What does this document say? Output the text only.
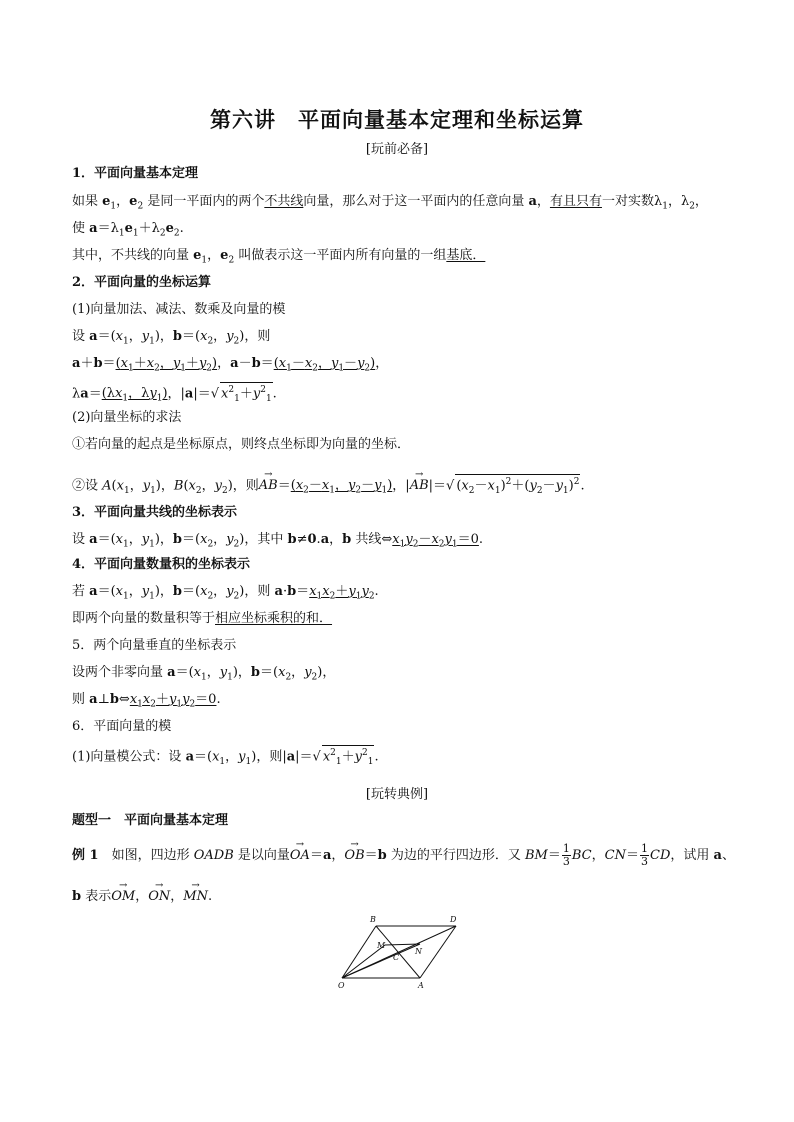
第六讲　平面向量基本定理和坐标运算
[玩前必备]
1．平面向量基本定理
如果 $e_1$，$e_2$ 是同一平面内的两个不共线向量，那么对于这一平面内的任意向量 a，有且只有一对实数$\lambda_1$，$\lambda_2$，
使 $a=\lambda_1e_1+\lambda_2e_2$.
其中，不共线的向量 $e_1$，$e_2$ 叫做表示这一平面内所有向量的一组基底．
2．平面向量的坐标运算
(1)向量加法、减法、数乘及向量的模
设 $a=(x_1$，$y_1$)，$b=(x_2$，$y_2$)，则
$a+b=(x_1+x_2$，$y_1+y_2$)，$a-b=(x_1-x_2$，$y_1-y_2$)，
$\lambda a=(\lambda x_1$，$\lambda y_1$)，|a|＝√ $x^2_1+y^2_1$.
(2)向量坐标的求法
①若向量的起点是坐标原点，则终点坐标即为向量的坐标．
②设 $A(x_1$，$y_1$)，$B(x_2$，$y_2$)，则→ $AB=(x_2-x_1$，$y_2-y_1$)，|→ AB|＝√ $(x_2-x_1)^2+(y_2-y_1)^2$.
3．平面向量共线的坐标表示
设 $a=(x_1$，$y_1$)，$b=(x_2$，$y_2$)，其中 b≠0.a，b 共线$\Leftrightarrow x_1y_2-x_2y_1=0$.
4．平面向量数量积的坐标表示
若 $a=(x_1$，$y_1$)，$b=(x_2$，$y_2$)，则 $a\cdot b=x_1x_2+y_1y_2$.
即两个向量的数量积等于相应坐标乘积的和．
5．两个向量垂直的坐标表示
设两个非零向量 $a=(x_1$，$y_1$)，$b=(x_2$，$y_2$)，
则 $a\perp b\Leftrightarrow x_1x_2+y_1y_2=0$.
6．平面向量的模
(1)向量模公式：设 $a=(x_1$，$y_1$)，则|a|＝√ $x^2_1+y^2_1$.
[玩转典例]
题型一　平面向量基本定理
例 1　如图，四边形 OADB 是以向量→ OA＝a，→ OB＝b 为边的平行四边形．又 $BM= \frac{1}{3}$ BC，$CN= \frac{1}{3}$ CD，试用 a、
b 表示→ OM，→ ON，→ MN.
B	D
M
N
C
O	A
